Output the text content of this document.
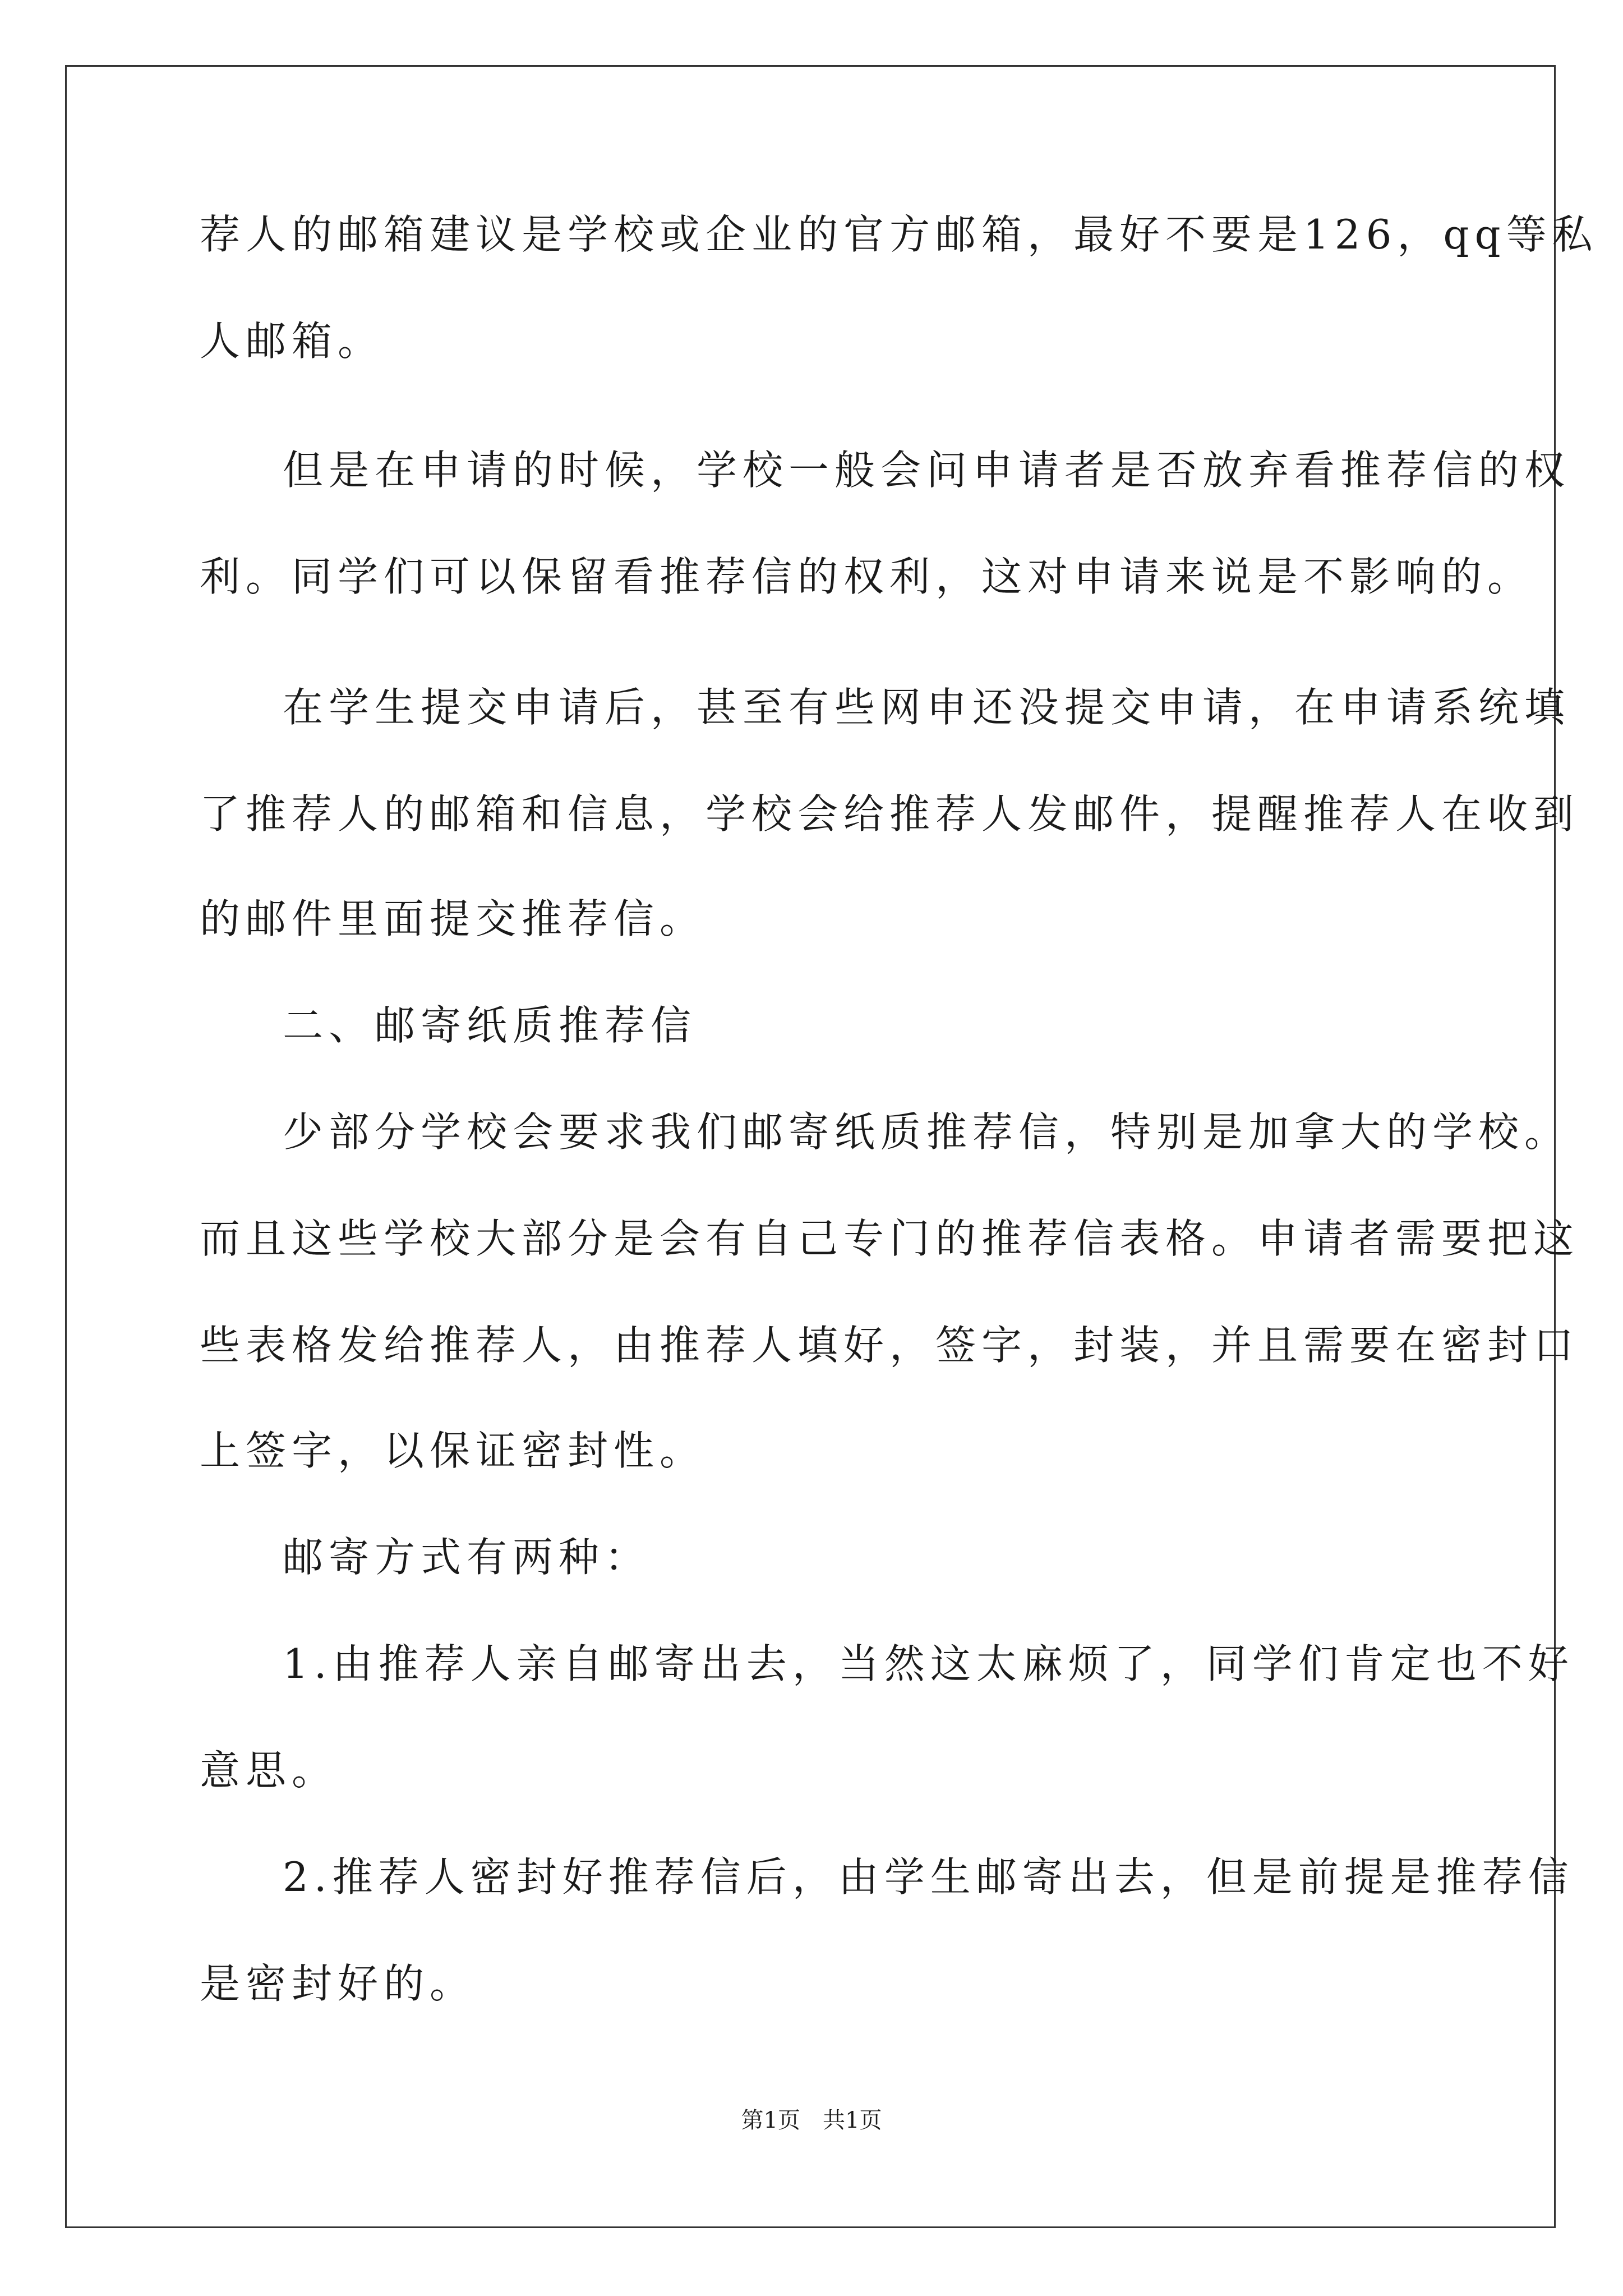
荐人的邮箱建议是学校或企业的官方邮箱，最好不要是126，qq等私
人邮箱。
但是在申请的时候，学校一般会问申请者是否放弃看推荐信的权
利。同学们可以保留看推荐信的权利，这对申请来说是不影响的。
在学生提交申请后，甚至有些网申还没提交申请，在申请系统填
了推荐人的邮箱和信息，学校会给推荐人发邮件，提醒推荐人在收到
的邮件里面提交推荐信。
二、邮寄纸质推荐信
少部分学校会要求我们邮寄纸质推荐信，特别是加拿大的学校。
而且这些学校大部分是会有自己专门的推荐信表格。申请者需要把这
些表格发给推荐人，由推荐人填好，签字，封装，并且需要在密封口
上签字，以保证密封性。
邮寄方式有两种：
1.由推荐人亲自邮寄出去，当然这太麻烦了，同学们肯定也不好
意思。
2.推荐人密封好推荐信后，由学生邮寄出去，但是前提是推荐信
是密封好的。
第1页　共1页
